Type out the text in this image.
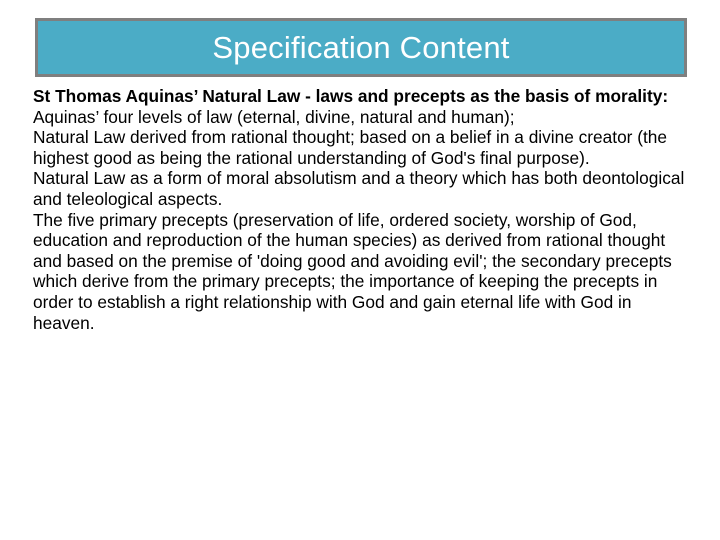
Specification Content

St Thomas Aquinas’ Natural Law - laws and precepts as the basis of morality:

Aquinas’ four levels of law (eternal, divine, natural and human);

Natural Law derived from rational thought; based on a belief in a divine creator (the highest good as being the rational understanding of God's final purpose).

Natural Law as a form of moral absolutism and a theory which has both deontological and teleological aspects.

The five primary precepts (preservation of life, ordered society, worship of God, education and reproduction of the human species) as derived from rational thought and based on the premise of 'doing good and avoiding evil'; the secondary precepts which derive from the primary precepts; the importance of keeping the precepts in order to establish a right relationship with God and gain eternal life with God in heaven.
